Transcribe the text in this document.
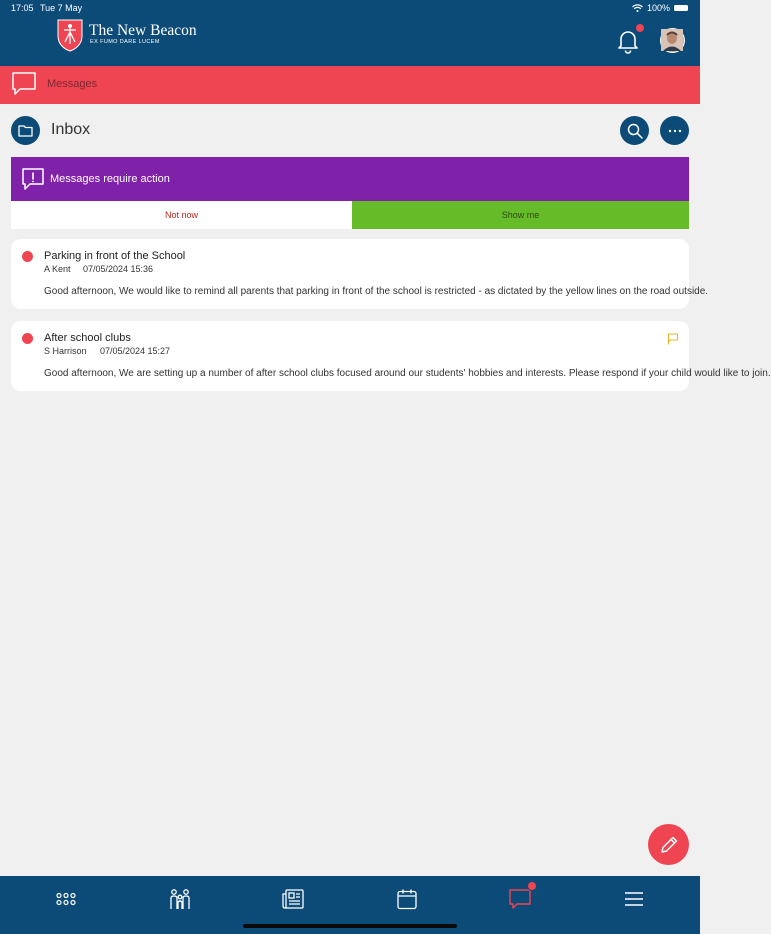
17:05 Tue 7 May	100%
The New Beacon
EX FUMO DARE LUCEM
Messages
Inbox
Messages require action
Not now	Show me
Parking in front of the School
A Kent 07/05/2024 15:36
Good afternoon, We would like to remind all parents that parking in front of the school is restricted - as dictated by the yellow lines on the road outside.
After school clubs
S Harrison 07/05/2024 15:27
Good afternoon, We are setting up a number of after school clubs focused around our students' hobbies and interests. Please respond if your child would like to join.
